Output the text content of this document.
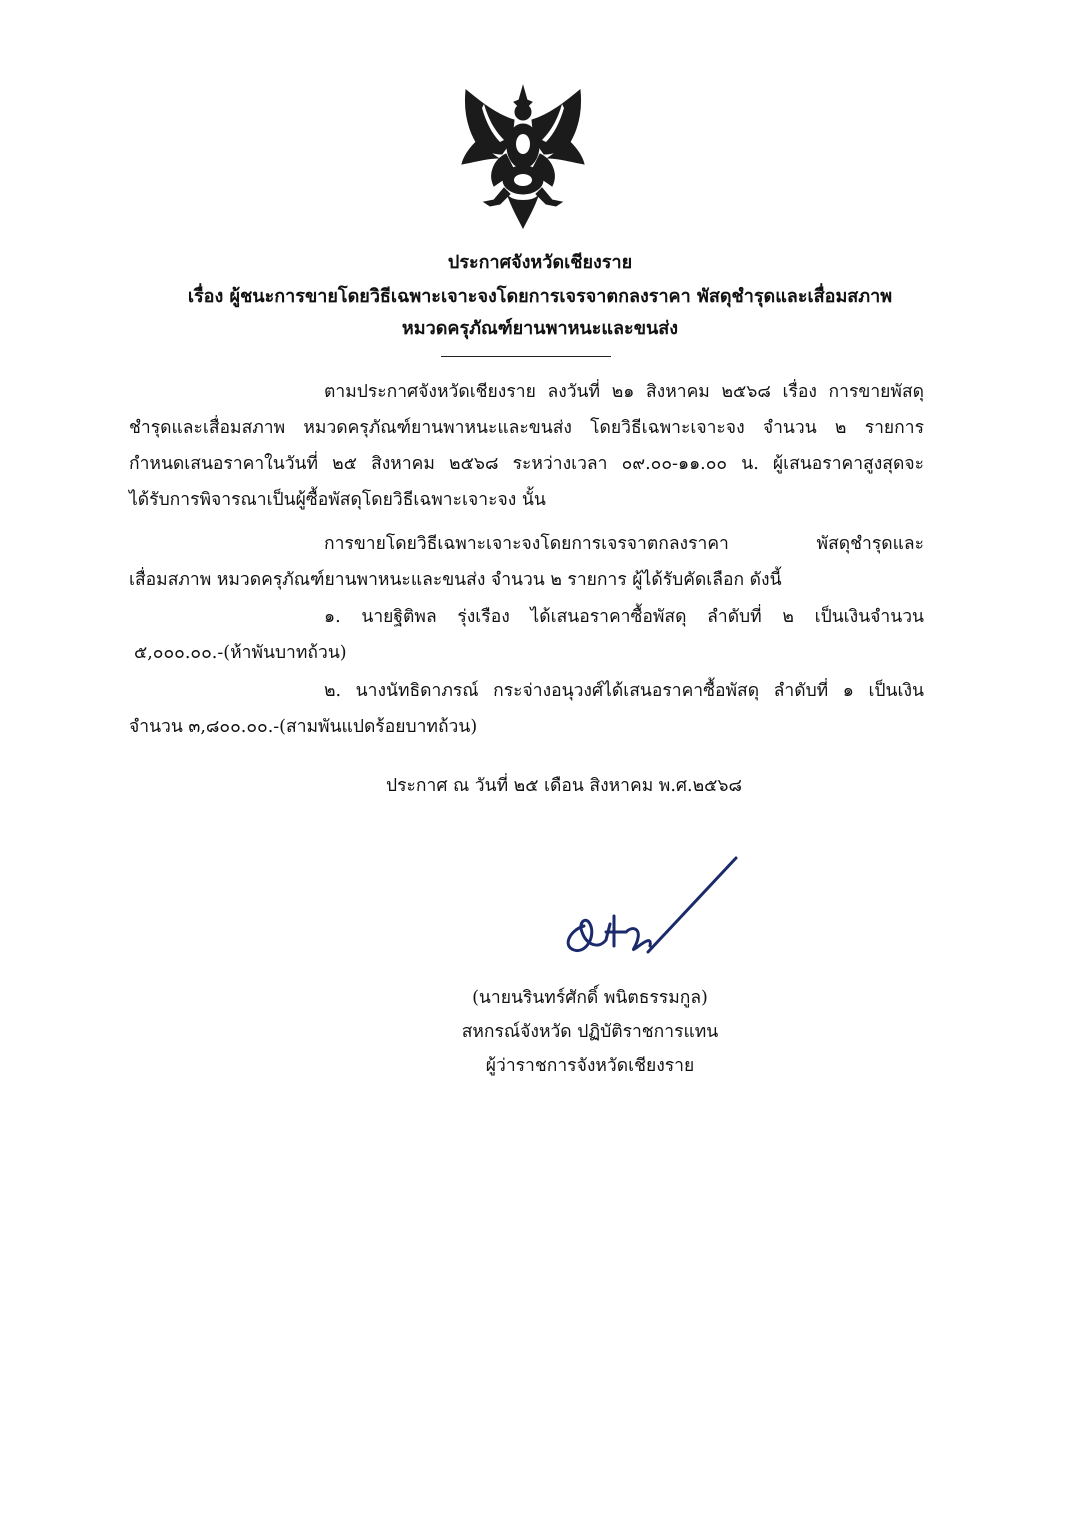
ประกาศจังหวัดเชียงราย
เรื่อง ผู้ชนะการขายโดยวิธีเฉพาะเจาะจงโดยการเจรจาตกลงราคา พัสดุชำรุดและเสื่อมสภาพ
หมวดครุภัณฑ์ยานพาหนะและขนส่ง
ตามประกาศจังหวัดเชียงราย ลงวันที่ ๒๑ สิงหาคม ๒๕๖๘ เรื่อง การขายพัสดุ
ชำรุดและเสื่อมสภาพ หมวดครุภัณฑ์ยานพาหนะและขนส่ง โดยวิธีเฉพาะเจาะจง จำนวน ๒ รายการ
กำหนดเสนอราคาในวันที่ ๒๕ สิงหาคม ๒๕๖๘ ระหว่างเวลา ๐๙.๐๐-๑๑.๐๐ น. ผู้เสนอราคาสูงสุดจะ
ได้รับการพิจารณาเป็นผู้ซื้อพัสดุโดยวิธีเฉพาะเจาะจง นั้น
การขายโดยวิธีเฉพาะเจาะจงโดยการเจรจาตกลงราคา พัสดุชำรุดและ
เสื่อมสภาพ หมวดครุภัณฑ์ยานพาหนะและขนส่ง จำนวน ๒ รายการ ผู้ได้รับคัดเลือก ดังนี้
๑. นายฐิติพล รุ่งเรือง ได้เสนอราคาซื้อพัสดุ ลำดับที่ ๒ เป็นเงินจำนวน
๕,๐๐๐.๐๐.-(ห้าพันบาทถ้วน)
๒. นางนัทธิดาภรณ์ กระจ่างอนุวงศ์ได้เสนอราคาซื้อพัสดุ ลำดับที่ ๑ เป็นเงิน
จำนวน ๓,๘๐๐.๐๐.-(สามพันแปดร้อยบาทถ้วน)
ประกาศ ณ วันที่ ๒๕ เดือน สิงหาคม พ.ศ.๒๕๖๘
(นายนรินทร์ศักดิ์ พนิตธรรมกูล)
สหกรณ์จังหวัด ปฏิบัติราชการแทน
ผู้ว่าราชการจังหวัดเชียงราย
